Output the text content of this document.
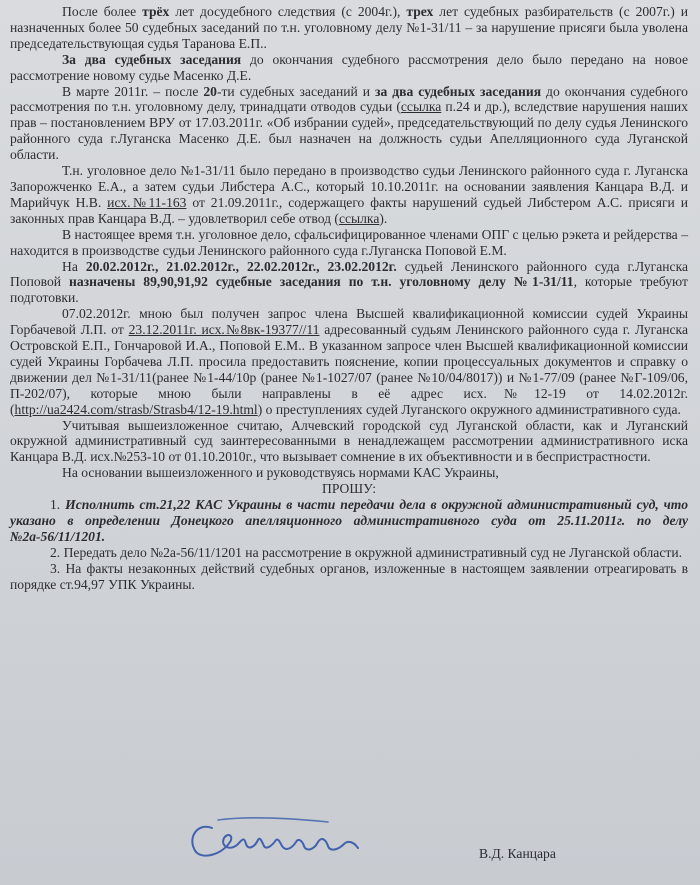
После более трёх лет досудебного следствия (с 2004г.), трех лет судебных разбирательств (с 2007г.) и назначенных более 50 судебных заседаний по т.н. уголовному делу №1-31/11 – за нарушение присяги была уволена председательствующая судья Таранова Е.П..

За два судебных заседания до окончания судебного рассмотрения дело было передано на новое рассмотрение новому судье Масенко Д.Е.

В марте 2011г. – после 20-ти судебных заседаний и за два судебных заседания до окончания судебного рассмотрения по т.н. уголовному делу, тринадцати отводов судьи (ссылка п.24 и др.), вследствие нарушения наших прав – постановлением ВРУ от 17.03.2011г. «Об избрании судей», председательствующий по делу судья Ленинского районного суда г.Луганска Масенко Д.Е. был назначен на должность судьи Апелляционного суда Луганской области.

Т.н. уголовное дело №1-31/11 было передано в производство судьи Ленинского районного суда г. Луганска Запорожченко Е.А., а затем судьи Либстера А.С., который 10.10.2011г. на основании заявления Канцара В.Д. и Марийчук Н.В. исх.№11-163 от 21.09.2011г., содержащего факты нарушений судьей Либстером А.С. присяги и законных прав Канцара В.Д. – удовлетворил себе отвод (ссылка).

В настоящее время т.н. уголовное дело, сфальсифицированное членами ОПГ с целью рэкета и рейдерства – находится в производстве судьи Ленинского районного суда г.Луганска Поповой Е.М.

На 20.02.2012г., 21.02.2012г., 22.02.2012г., 23.02.2012г. судьей Ленинского районного суда г.Луганска Поповой назначены 89,90,91,92 судебные заседания по т.н. уголовному делу №1-31/11, которые требуют подготовки.

07.02.2012г. мною был получен запрос члена Высшей квалификационной комиссии судей Украины Горбачевой Л.П. от 23.12.2011г. исх.№8вк-19377//11 адресованный судьям Ленинского районного суда г. Луганска Островской Е.П., Гончаровой И.А., Поповой Е.М.. В указанном запросе член Высшей квалификационной комиссии судей Украины Горбачева Л.П. просила предоставить пояснение, копии процессуальных документов и справку о движении дел №1-31/11(ранее №1-44/10р (ранее №1-1027/07 (ранее №10/04/8017)) и №1-77/09 (ранее №Г-109/06, П-202/07), которые мною были направлены в её адрес исх.№12-19 от 14.02.2012г. (http://ua2424.com/strasb/Strasb4/12-19.html) о преступлениях судей Луганского окружного административного суда.

Учитывая вышеизложенное считаю, Алчевский городской суд Луганской области, как и Луганский окружной административный суд заинтересованными в ненадлежащем рассмотрении административного иска Канцара В.Д. исх.№253-10 от 01.10.2010г., что вызывает сомнение в их объективности и в беспристрастности.

На основании вышеизложенного и руководствуясь нормами КАС Украины,

ПРОШУ:

1. Исполнить ст.21,22 КАС Украины в части передачи дела в окружной административный суд, что указано в определении Донецкого апелляционного административного суда от 25.11.2011г. по делу №2а-56/11/1201.

2. Передать дело №2а-56/11/1201 на рассмотрение в окружной административный суд не Луганской области.

3. На факты незаконных действий судебных органов, изложенные в настоящем заявлении отреагировать в порядке ст.94,97 УПК Украины.

В.Д. Канцара
